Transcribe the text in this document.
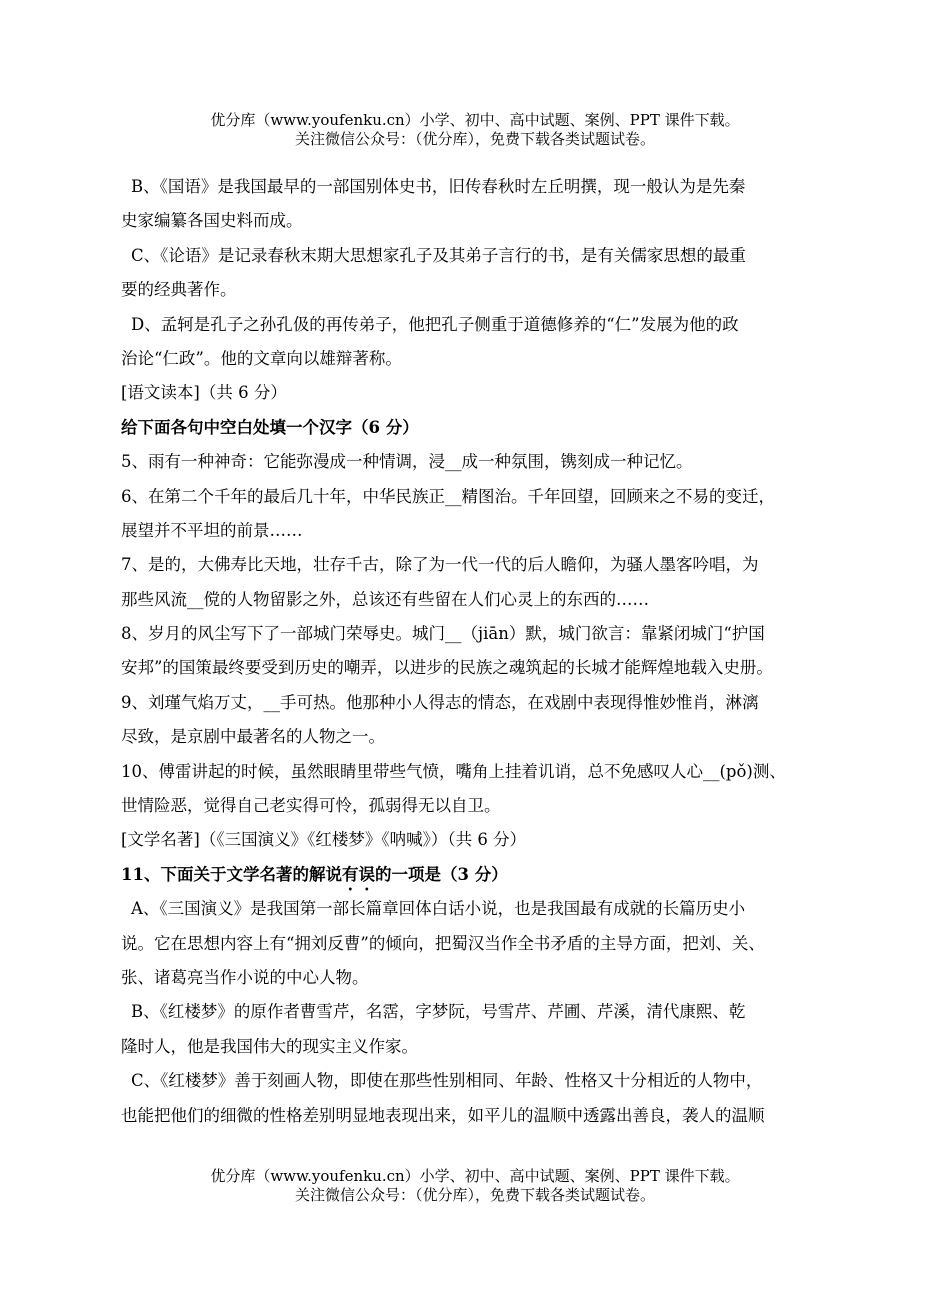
优分库（www.youfenku.cn）小学、初中、高中试题、案例、PPT 课件下载。
关注微信公众号：（优分库），免费下载各类试题试卷。
B、《国语》是我国最早的一部国别体史书，旧传春秋时左丘明撰，现一般认为是先秦
史家编纂各国史料而成。
C、《论语》是记录春秋末期大思想家孔子及其弟子言行的书，是有关儒家思想的最重
要的经典著作。
D、孟轲是孔子之孙孔伋的再传弟子，他把孔子侧重于道德修养的“仁”发展为他的政
治论“仁政”。他的文章向以雄辩著称。
[语文读本]（共 6 分）
给下面各句中空白处填一个汉字（6 分）
5、雨有一种神奇：它能弥漫成一种情调，浸__成一种氛围，镌刻成一种记忆。
6、在第二个千年的最后几十年，中华民族正__精图治。千年回望，回顾来之不易的变迁，
展望并不平坦的前景……
7、是的，大佛寿比天地，壮存千古，除了为一代一代的后人瞻仰，为骚人墨客吟唱，为
那些风流__傥的人物留影之外，总该还有些留在人们心灵上的东西的……
8、岁月的风尘写下了一部城门荣辱史。城门__（jiān）默，城门欲言：靠紧闭城门“护国
安邦”的国策最终要受到历史的嘲弄，以进步的民族之魂筑起的长城才能辉煌地载入史册。
9、刘瑾气焰万丈，__手可热。他那种小人得志的情态，在戏剧中表现得惟妙惟肖，淋漓
尽致，是京剧中最著名的人物之一。
10、傅雷讲起的时候，虽然眼睛里带些气愤，嘴角上挂着讥诮，总不免感叹人心__(pǒ)测、
世情险恶，觉得自己老实得可怜，孤弱得无以自卫。
[文学名著]（《三国演义》《红楼梦》《呐喊》）（共 6 分）
11、下面关于文学名著的解说有误的一项是（3 分）
A、《三国演义》是我国第一部长篇章回体白话小说，也是我国最有成就的长篇历史小
说。它在思想内容上有“拥刘反曹”的倾向，把蜀汉当作全书矛盾的主导方面，把刘、关、
张、诸葛亮当作小说的中心人物。
B、《红楼梦》的原作者曹雪芹，名霑，字梦阮，号雪芹、芹圃、芹溪，清代康熙、乾
隆时人，他是我国伟大的现实主义作家。
C、《红楼梦》善于刻画人物，即使在那些性别相同、年龄、性格又十分相近的人物中，
也能把他们的细微的性格差别明显地表现出来，如平儿的温顺中透露出善良，袭人的温顺
优分库（www.youfenku.cn）小学、初中、高中试题、案例、PPT 课件下载。
关注微信公众号：（优分库），免费下载各类试题试卷。
